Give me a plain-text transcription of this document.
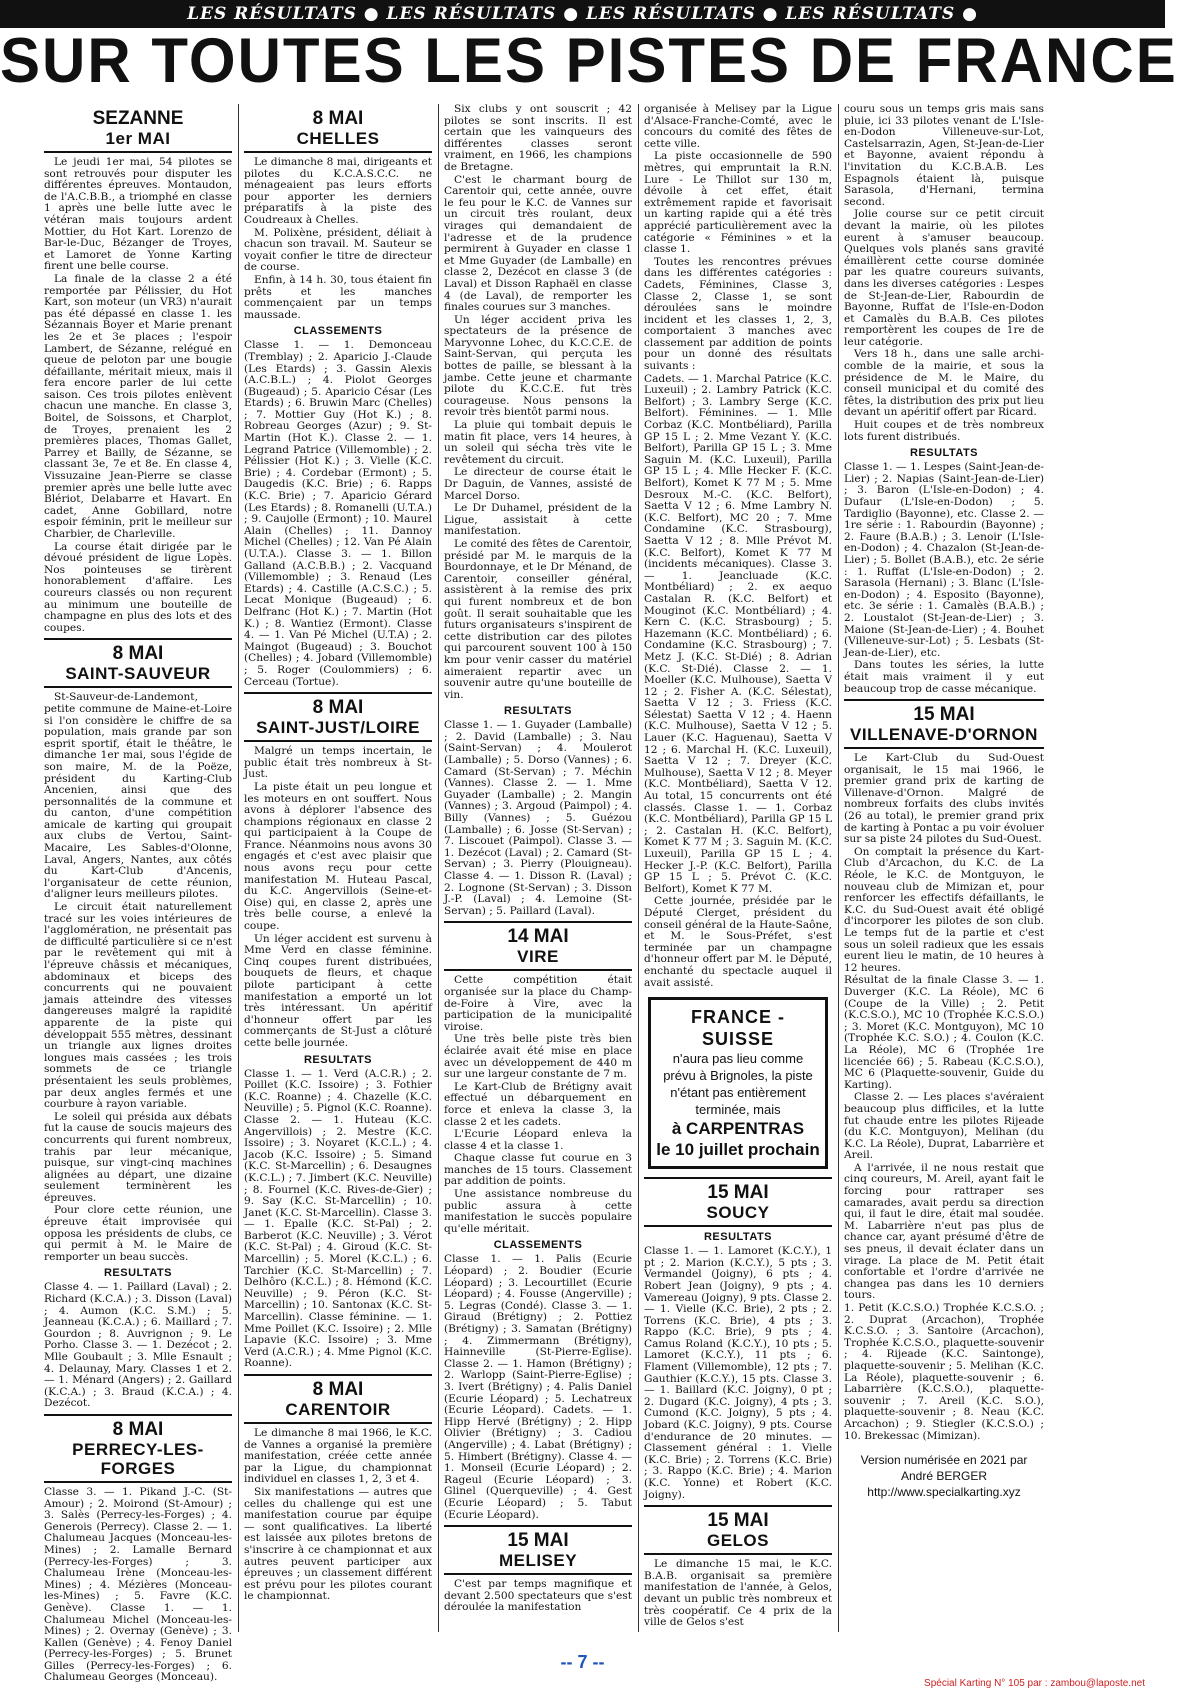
LES RÉSULTATS ● LES RÉSULTATS ● LES RÉSULTATS ● LES RÉSULTATS ●
SUR TOUTES LES PISTES DE FRANCE
SEZANNE
1er MAI

Le jeudi 1er mai, 54 pilotes se sont retrouvés pour disputer les différentes épreuves. Montaudon, de l'A.C.B.B., a triomphé en classe 1 après une belle lutte avec le vétéran mais toujours ardent Mottier, du Hot Kart. Lorenzo de Bar-le-Duc, Bézanger de Troyes, et Lamoret de Yonne Karting firent une belle course.

La finale de la classe 2 a été remportée par Pélissier, du Hot Kart, son moteur (un VR3) n'aurait pas été dépassé en classe 1. les Sézannais Boyer et Marie prenant les 2e et 3e places ; l'espoir Lambert, de Sézanne, relégué en queue de peloton par une bougie défaillante, méritait mieux, mais il fera encore parler de lui cette saison. Ces trois pilotes enlèvent chacun une manche. En classe 3, Boitel, de Soissons, et Charplot, de Troyes, prenaient les 2 premières places, Thomas Gallet, Parrey et Bailly, de Sézanne, se classant 3e, 7e et 8e. En classe 4, Vissuzaine Jean-Pierre se classe premier après une belle lutte avec Blériot, Delabarre et Havart. En cadet, Anne Gobillard, notre espoir féminin, prit le meilleur sur Charbier, de Charleville.

La course était dirigée par le dévoué président de ligue Lopès. Nos pointeuses se tirèrent honorablement d'affaire. Les coureurs classés ou non reçurent au minimum une bouteille de champagne en plus des lots et des coupes.

8 MAI
SAINT-SAUVEUR

St-Sauveur-de-Landemont, petite commune de Maine-et-Loire si l'on considère le chiffre de sa population, mais grande par son esprit sportif, était le théâtre, le dimanche 1er mai, sous l'égide de son maire, M. de la Poëze, président du Karting-Club Ancenien, ainsi que des personnalités de la commune et du canton, d'une compétition amicale de karting qui groupait aux clubs de Vertou, Saint-Macaire, Les Sables-d'Olonne, Laval, Angers, Nantes, aux côtés du Kart-Club d'Ancenis, l'organisateur de cette réunion, d'aligner leurs meilleurs pilotes.

Le circuit était naturellement tracé sur les voies intérieures de l'agglomération, ne présentait pas de difficulté particulière si ce n'est par le revêtement qui mit à l'épreuve châssis et mécaniques, abdominaux et biceps des concurrents qui ne pouvaient jamais atteindre des vitesses dangereuses malgré la rapidité apparente de la piste qui développait 555 mètres, dessinant un triangle aux lignes droites longues mais cassées ; les trois sommets de ce triangle présentaient les seuls problèmes, par deux angles fermés et une courbure à rayon variable.

Le soleil qui présida aux débats fut la cause de soucis majeurs des concurrents qui furent nombreux, trahis par leur mécanique, puisque, sur vingt-cinq machines alignées au départ, une dizaine seulement terminèrent les épreuves.

Pour clore cette réunion, une épreuve était improvisée qui opposa les présidents de clubs, ce qui permit à M. le Maire de remporter un beau succès.

RESULTATS

Classe 4. — 1. Paillard (Laval) ; 2. Richard (K.C.A.) ; 3. Disson (Laval) ; 4. Aumon (K.C. S.M.) ; 5. Jeanneau (K.C.A.) ; 6. Maillard ; 7. Gourdon ; 8. Auvrignon ; 9. Le Porho. Classe 3. — 1. Dezécot ; 2. Mlle Goubault ; 3. Mlle Esnault ; 4. Delaunay, Mary. Classes 1 et 2. — 1. Ménard (Angers) ; 2. Gaillard (K.C.A.) ; 3. Braud (K.C.A.) ; 4. Dezécot.

8 MAI
PERRECY-LES-FORGES

Classe 3. — 1. Pikand J.-C. (St-Amour) ; 2. Moirond (St-Amour) ; 3. Salès (Perrecy-les-Forges) ; 4. Generois (Perrecy). Classe 2. — 1. Chalumeau Jacques (Monceau-les-Mines) ; 2. Lamalle Bernard (Perrecy-les-Forges) ; 3. Chalumeau Irène (Monceau-les-Mines) ; 4. Mézières (Monceau-les-Mines) ; 5. Favre (K.C. Genève). Classe 1. — 1. Chalumeau Michel (Monceau-les-Mines) ; 2. Overnay (Genève) ; 3. Kallen (Genève) ; 4. Fenoy Daniel (Perrecy-les-Forges) ; 5. Brunet Gilles (Perrecy-les-Forges) ; 6. Chalumeau Georges (Monceau).

8 MAI
CHELLES

Le dimanche 8 mai, dirigeants et pilotes du K.C.A.S.C.C. ne ménageaient pas leurs efforts pour apporter les derniers préparatifs à la piste des Coudreaux à Chelles.

M. Polixène, président, déliait à chacun son travail. M. Sauteur se voyait confier le titre de directeur de course.

Enfin, à 14 h. 30, tous étaient fin prêts et les manches commençaient par un temps maussade.

CLASSEMENTS

Classe 1. — 1. Demonceau (Tremblay) ; 2. Aparicio J.-Claude (Les Etards) ; 3. Gassin Alexis (A.C.B.L.) ; 4. Piolot Georges (Bugeaud) ; 5. Aparicio César (Les Etards) ; 6. Bruwin Marc (Chelles) ; 7. Mottier Guy (Hot K.) ; 8. Robreau Georges (Azur) ; 9. St-Martin (Hot K.). Classe 2. — 1. Legrand Patrice (Villemomble) ; 2. Pélissier (Hot K.) ; 3. Vielle (K.C. Brie) ; 4. Cordebar (Ermont) ; 5. Daugedis (K.C. Brie) ; 6. Rapps (K.C. Brie) ; 7. Aparicio Gérard (Les Etards) ; 8. Romanelli (U.T.A.) ; 9. Caujolle (Ermont) ; 10. Maurel Alain (Chelles) ; 11. Dannoy Michel (Chelles) ; 12. Van Pé Alain (U.T.A.). Classe 3. — 1. Billon Galland (A.C.B.B.) ; 2. Vacquand (Villemomble) ; 3. Renaud (Les Etards) ; 4. Castille (A.C.S.C.) ; 5. Lecat Monique (Bugeaud) ; 6. Delfranc (Hot K.) ; 7. Martin (Hot K.) ; 8. Wantiez (Ermont). Classe 4. — 1. Van Pé Michel (U.T.A) ; 2. Maingot (Bugeaud) ; 3. Bouchot (Chelles) ; 4. Jobard (Villemomble) ; 5. Roger (Coulommiers) ; 6. Cerceau (Tortue).

8 MAI
SAINT-JUST/LOIRE

Malgré un temps incertain, le public était très nombreux à St-Just.

La piste était un peu longue et les moteurs en ont souffert. Nous avons à déplorer l'absence des champions régionaux en classe 2 qui participaient à la Coupe de France. Néanmoins nous avons 30 engagés et c'est avec plaisir que nous avons reçu pour cette manifestation M. Huteau Pascal, du K.C. Angervillois (Seine-et-Oise) qui, en classe 2, après une très belle course, a enlevé la coupe.

Un léger accident est survenu à Mme Verd en classe féminine. Cinq coupes furent distribuées, bouquets de fleurs, et chaque pilote participant à cette manifestation a emporté un lot très intéressant. Un apéritif d'honneur offert par les commerçants de St-Just a clôturé cette belle journée.

RESULTATS

Classe 1. — 1. Verd (A.C.R.) ; 2. Poillet (K.C. Issoire) ; 3. Fothier (K.C. Roanne) ; 4. Chazelle (K.C. Neuville) ; 5. Pignol (K.C. Roanne). Classe 2. — 1. Huteau (K.C. Angervillois) ; 2. Mestre (K.C. Issoire) ; 3. Noyaret (K.C.L.) ; 4. Jacob (K.C. Issoire) ; 5. Simand (K.C. St-Marcellin) ; 6. Desaugnes (K.C.L.) ; 7. Jimbert (K.C. Neuville) ; 8. Fournel (K.C. Rives-de-Gier) ; 9. Say (K.C. St-Marcellin) ; 10. Janet (K.C. St-Marcellin). Classe 3. — 1. Epalle (K.C. St-Pal) ; 2. Barberot (K.C. Neuville) ; 3. Vérot (K.C. St-Pal) ; 4. Giroud (K.C. St-Marcellin) ; 5. Morel (K.C.L.) ; 6. Tarchier (K.C. St-Marcellin) ; 7. Delhôro (K.C.L.) ; 8. Hémond (K.C. Neuville) ; 9. Péron (K.C. St-Marcellin) ; 10. Santonax (K.C. St-Marcellin). Classe féminine. — 1. Mme Poillet (K.C. Issoire) ; 2. Mlle Lapavie (K.C. Issoire) ; 3. Mme Verd (A.C.R.) ; 4. Mme Pignol (K.C. Roanne).

8 MAI
CARENTOIR

Le dimanche 8 mai 1966, le K.C. de Vannes a organisé la première manifestation, créée cette année par la Ligue, du championnat individuel en classes 1, 2, 3 et 4.

Six manifestations — autres que celles du challenge qui est une manifestation courue par équipe — sont qualificatives. La liberté est laissée aux pilotes bretons de s'inscrire à ce championnat et aux autres peuvent participer aux épreuves ; un classement différent est prévu pour les pilotes courant le championnat.

Six clubs y ont souscrit ; 42 pilotes se sont inscrits. Il est certain que les vainqueurs des différentes classes seront vraiment, en 1966, les champions de Bretagne.

C'est le charmant bourg de Carentoir qui, cette année, ouvre le feu pour le K.C. de Vannes sur un circuit très roulant, deux virages qui demandaient de l'adresse et de la prudence permirent à Guyader en classe 1 et Mme Guyader (de Lamballe) en classe 2, Dezécot en classe 3 (de Laval) et Disson Raphaël en classe 4 (de Laval), de remporter les finales courues sur 3 manches.

Un léger accident priva les spectateurs de la présence de Maryvonne Lohec, du K.C.C.E. de Saint-Servan, qui perçuta les bottes de paille, se blessant à la jambe. Cette jeune et charmante pilote du K.C.C.E. fut très courageuse. Nous pensons la revoir très bientôt parmi nous.

La pluie qui tombait depuis le matin fit place, vers 14 heures, à un soleil qui sécha très vite le revêtement du circuit.

Le directeur de course était le Dr Daguin, de Vannes, assisté de Marcel Dorso.

Le Dr Duhamel, président de la Ligue, assistait à cette manifestation.

Le comité des fêtes de Carentoir, présidé par M. le marquis de la Bourdonnaye, et le Dr Ménand, de Carentoir, conseiller général, assistèrent à la remise des prix qui furent nombreux et de bon goût. Il serait souhaitable que les futurs organisateurs s'inspirent de cette distribution car des pilotes qui parcourent souvent 100 à 150 km pour venir casser du matériel aimeraient repartir avec un souvenir autre qu'une bouteille de vin.

RESULTATS

Classe 1. — 1. Guyader (Lamballe) ; 2. David (Lamballe) ; 3. Nau (Saint-Servan) ; 4. Moulerot (Lamballe) ; 5. Dorso (Vannes) ; 6. Camard (St-Servan) ; 7. Méchin (Vannes). Classe 2. — 1. Mme Guyader (Lamballe) ; 2. Mangin (Vannes) ; 3. Argoud (Paimpol) ; 4. Billy (Vannes) ; 5. Guézou (Lamballe) ; 6. Josse (St-Servan) ; 7. Liscouet (Paimpol). Classe 3. — 1. Dezécot (Laval) ; 2. Camard (St-Servan) ; 3. Pierry (Plouigneau). Classe 4. — 1. Disson R. (Laval) ; 2. Lognone (St-Servan) ; 3. Disson J.-P. (Laval) ; 4. Lemoine (St-Servan) ; 5. Paillard (Laval).

14 MAI
VIRE

Cette compétition était organisée sur la place du Champ-de-Foire à Vire, avec la participation de la municipalité viroise.

Une très belle piste très bien éclairée avait été mise en place avec un développement de 440 m sur une largeur constante de 7 m.

Le Kart-Club de Brétigny avait effectué un débarquement en force et enleva la classe 3, la classe 2 et les cadets.

L'Ecurie Léopard enleva la classe 4 et la classe 1.

Chaque classe fut courue en 3 manches de 15 tours. Classement par addition de points.

Une assistance nombreuse du public assura à cette manifestation le succès populaire qu'elle méritait.

CLASSEMENTS

Classe 1. — 1. Palis (Ecurie Léopard) ; 2. Boudier (Ecurie Léopard) ; 3. Lecourtillet (Ecurie Léopard) ; 4. Fousse (Angerville) ; 5. Legras (Condé). Classe 3. — 1. Giraud (Brétigny) ; 2. Pottiez (Brétigny) ; 3. Samatan (Brétigny) ; 4. Zimmermann (Brétigny), Hainneville (St-Pierre-Eglise). Classe 2. — 1. Hamon (Brétigny) ; 2. Warlopp (Saint-Pierre-Eglise) ; 3. Ivert (Brétigny) ; 4. Palis Daniel (Ecurie Léopard) ; 5. Lechatreux (Ecurie Léopard). Cadets. — 1. Hipp Hervé (Brétigny) ; 2. Hipp Olivier (Brétigny) ; 3. Cadiou (Angerville) ; 4. Labat (Brétigny) ; 5. Himbert (Brétigny). Classe 4. — 1. Monseil (Ecurie Léopard) ; 2. Rageul (Ecurie Léopard) ; 3. Glinel (Querqueville) ; 4. Gest (Ecurie Léopard) ; 5. Tabut (Ecurie Léopard).

15 MAI
MELISEY

C'est par temps magnifique et devant 2.500 spectateurs que s'est déroulée la manifestation

organisée à Melisey par la Ligue d'Alsace-Franche-Comté, avec le concours du comité des fêtes de cette ville.

La piste occasionnelle de 590 mètres, qui empruntait la R.N. Lure - Le Thillot sur 130 m, dévoile à cet effet, était extrêmement rapide et favorisait un karting rapide qui a été très apprécié particulièrement avec la catégorie « Féminines » et la classe 1.

Toutes les rencontres prévues dans les différentes catégories : Cadets, Féminines, Classe 3, Classe 2, Classe 1, se sont déroulées sans le moindre incident et les classes 1, 2, 3, comportaient 3 manches avec classement par addition de points pour un donné des résultats suivants :

Cadets. — 1. Marchal Patrice (K.C. Luxeuil) ; 2. Lambry Patrick (K.C. Belfort) ; 3. Lambry Serge (K.C. Belfort). Féminines. — 1. Mlle Corbaz (K.C. Montbéliard), Parilla GP 15 L ; 2. Mme Vezant Y. (K.C. Belfort), Parilla GP 15 L ; 3. Mme Saguin M. (K.C. Luxeuil), Parilla GP 15 L ; 4. Mlle Hecker F. (K.C. Belfort), Komet K 77 M ; 5. Mme Desroux M.-C. (K.C. Belfort), Saetta V 12 ; 6. Mme Lambry N. (K.C. Belfort), MC 20 ; 7. Mme Condamine (K.C. Strasbourg), Saetta V 12 ; 8. Mlle Prévot M. (K.C. Belfort), Komet K 77 M (incidents mécaniques). Classe 3. — 1. Jeancluade (K.C. Montbéliard) ; 2. ex aequo Castalan R. (K.C. Belfort) et Mouginot (K.C. Montbéliard) ; 4. Kern C. (K.C. Strasbourg) ; 5. Hazemann (K.C. Montbéliard) ; 6. Condamine (K.C. Strasbourg) ; 7. Metz J. (K.C. St-Dié) ; 8. Adrian (K.C. St-Dié). Classe 2. — 1. Moeller (K.C. Mulhouse), Saetta V 12 ; 2. Fisher A. (K.C. Sélestat), Saetta V 12 ; 3. Friess (K.C. Sélestat) Saetta V 12 ; 4. Haenn (K.C. Mulhouse), Saetta V 12 ; 5. Lauer (K.C. Haguenau), Saetta V 12 ; 6. Marchal H. (K.C. Luxeuil), Saetta V 12 ; 7. Dreyer (K.C. Mulhouse), Saetta V 12 ; 8. Meyer (K.C. Montbéliard), Saetta V 12. Au total, 15 concurrents ont été classés. Classe 1. — 1. Corbaz (K.C. Montbéliard), Parilla GP 15 L ; 2. Castalan H. (K.C. Belfort), Komet K 77 M ; 3. Saguin M. (K.C. Luxeuil), Parilla GP 15 L ; 4. Hecker J.-P. (K.C. Belfort), Parilla GP 15 L ; 5. Prévot C. (K.C. Belfort), Komet K 77 M.

Cette journée, présidée par le Député Clerget, président du conseil général de la Haute-Saône, et M. le Sous-Préfet, s'est terminée par un champagne d'honneur offert par M. le Député, enchanté du spectacle auquel il avait assisté.

FRANCE - SUISSE
n'aura pas lieu comme prévu à Brignoles, la piste n'étant pas entièrement terminée, mais
à CARPENTRAS
le 10 juillet prochain
15 MAI
SOUCY
RESULTATS

Classe 1. — 1. Lamoret (K.C.Y.), 1 pt ; 2. Marion (K.C.Y.), 5 pts ; 3. Vermandel (Joigny), 6 pts ; 4. Robert Jean (Joigny), 9 pts ; 4. Vamereau (Joigny), 9 pts. Classe 2. — 1. Vielle (K.C. Brie), 2 pts ; 2. Torrens (K.C. Brie), 4 pts ; 3. Rappo (K.C. Brie), 9 pts ; 4. Camus Roland (K.C.Y.), 10 pts ; 5. Lamoret (K.C.Y.), 11 pts ; 6. Flament (Villemomble), 12 pts ; 7. Gauthier (K.C.Y.), 15 pts. Classe 3. — 1. Baillard (K.C. Joigny), 0 pt ; 2. Dugard (K.C. Joigny), 4 pts ; 3. Cumond (K.C. Joigny), 5 pts ; 4. Jobard (K.C. Joigny), 9 pts. Course d'endurance de 20 minutes. — Classement général : 1. Vielle (K.C. Brie) ; 2. Torrens (K.C. Brie) ; 3. Rappo (K.C. Brie) ; 4. Marion (K.C. Yonne) et Robert (K.C. Joigny).

15 MAI
GELOS

Le dimanche 15 mai, le K.C. B.A.B. organisait sa première manifestation de l'année, à Gelos, devant un public très nombreux et très coopératif. Ce 4 prix de la ville de Gelos s'est

couru sous un temps gris mais sans pluie, ici 33 pilotes venant de L'Isle-en-Dodon Villeneuve-sur-Lot, Castelsarrazin, Agen, St-Jean-de-Lier et Bayonne, avaient répondu à l'invitation du K.C.B.A.B. Les Espagnols étaient là, puisque Sarasola, d'Hernani, termina second.

Jolie course sur ce petit circuit devant la mairie, où les pilotes eurent à s'amuser beaucoup. Quelques vols planés sans gravité émaillèrent cette course dominée par les quatre coureurs suivants, dans les diverses catégories : Lespes de St-Jean-de-Lier, Rabourdin de Bayonne, Ruffat de l'Isle-en-Dodon et Camalès du B.A.B. Ces pilotes remportèrent les coupes de 1re de leur catégorie.

Vers 18 h., dans une salle archi-comble de la mairie, et sous la présidence de M. le Maire, du conseil municipal et du comité des fêtes, la distribution des prix put lieu devant un apéritif offert par Ricard.

Huit coupes et de très nombreux lots furent distribués.

RESULTATS

Classe 1. — 1. Lespes (Saint-Jean-de-Lier) ; 2. Napias (Saint-Jean-de-Lier) ; 3. Baron (L'Isle-en-Dodon) ; 4. Dufaur (L'Isle-en-Dodon) ; 5. Tardiglio (Bayonne), etc. Classe 2. — 1re série : 1. Rabourdin (Bayonne) ; 2. Faure (B.A.B.) ; 3. Lenoir (L'Isle-en-Dodon) ; 4. Chazalon (St-Jean-de-Lier) ; 5. Bollet (B.A.B.), etc. 2e série : 1. Ruffat (L'Isle-en-Dodon) ; 2. Sarasola (Hernani) ; 3. Blanc (L'Isle-en-Dodon) ; 4. Esposito (Bayonne), etc. 3e série : 1. Camalès (B.A.B.) ; 2. Loustalot (St-Jean-de-Lier) ; 3. Maione (St-Jean-de-Lier) ; 4. Bouhet (Villeneuve-sur-Lot) ; 5. Lesbats (St-Jean-de-Lier), etc.

Dans toutes les séries, la lutte était mais vraiment il y eut beaucoup trop de casse mécanique.

15 MAI
VILLENAVE-D'ORNON

Le Kart-Club du Sud-Ouest organisait, le 15 mai 1966, le premier grand prix de karting de Villenave-d'Ornon. Malgré de nombreux forfaits des clubs invités (26 au total), le premier grand prix de karting à Pontac a pu voir évoluer sur sa piste 24 pilotes du Sud-Ouest.

On comptait la présence du Kart-Club d'Arcachon, du K.C. de La Réole, le K.C. de Montguyon, le nouveau club de Mimizan et, pour renforcer les effectifs défaillants, le K.C. du Sud-Ouest avait été obligé d'incorporer les pilotes de son club. Le temps fut de la partie et c'est sous un soleil radieux que les essais eurent lieu le matin, de 10 heures à 12 heures.

Résultat de la finale Classe 3. — 1. Duverger (K.C. La Réole), MC 6 (Coupe de la Ville) ; 2. Petit (K.C.S.O.), MC 10 (Trophée K.C.S.O.) ; 3. Moret (K.C. Montguyon), MC 10 (Trophée K.C. S.O.) ; 4. Coulon (K.C. La Réole), MC 6 (Trophée 1re licenciée 66) ; 5. Rabeau (K.C.S.O.), MC 6 (Plaquette-souvenir, Guide du Karting).

Classe 2. — Les places s'avéraient beaucoup plus difficiles, et la lutte fut chaude entre les pilotes Rijeade (du K.C. Montguyon), Melihan (du K.C. La Réole), Duprat, Labarrière et Areil.

A l'arrivée, il ne nous restait que cinq coureurs, M. Areil, ayant fait le forcing pour rattraper ses camarades, avait perdu sa direction qui, il faut le dire, était mal soudée. M. Labarrière n'eut pas plus de chance car, ayant présumé d'être de ses pneus, il devait éclater dans un virage. La place de M. Petit était confortable et l'ordre d'arrivée ne changea pas dans les 10 derniers tours.

1. Petit (K.C.S.O.) Trophée K.C.S.O. ; 2. Duprat (Arcachon), Trophée K.C.S.O. ; 3. Santoire (Arcachon), Trophée K.C.S.O., plaquette-souvenir ; 4. Rijeade (K.C. Saintonge), plaquette-souvenir ; 5. Melihan (K.C. La Réole), plaquette-souvenir ; 6. Labarrière (K.C.S.O.), plaquette-souvenir ; 7. Areil (K.C. S.O.), plaquette-souvenir ; 8. Neau (K.C. Arcachon) ; 9. Stiegler (K.C.S.O.) ; 10. Brekessac (Mimizan).

Version numérisée en 2021 par
André BERGER
http://www.specialkarting.xyz
-- 7 --
Spécial Karting N° 105 par : zambou@laposte.net
